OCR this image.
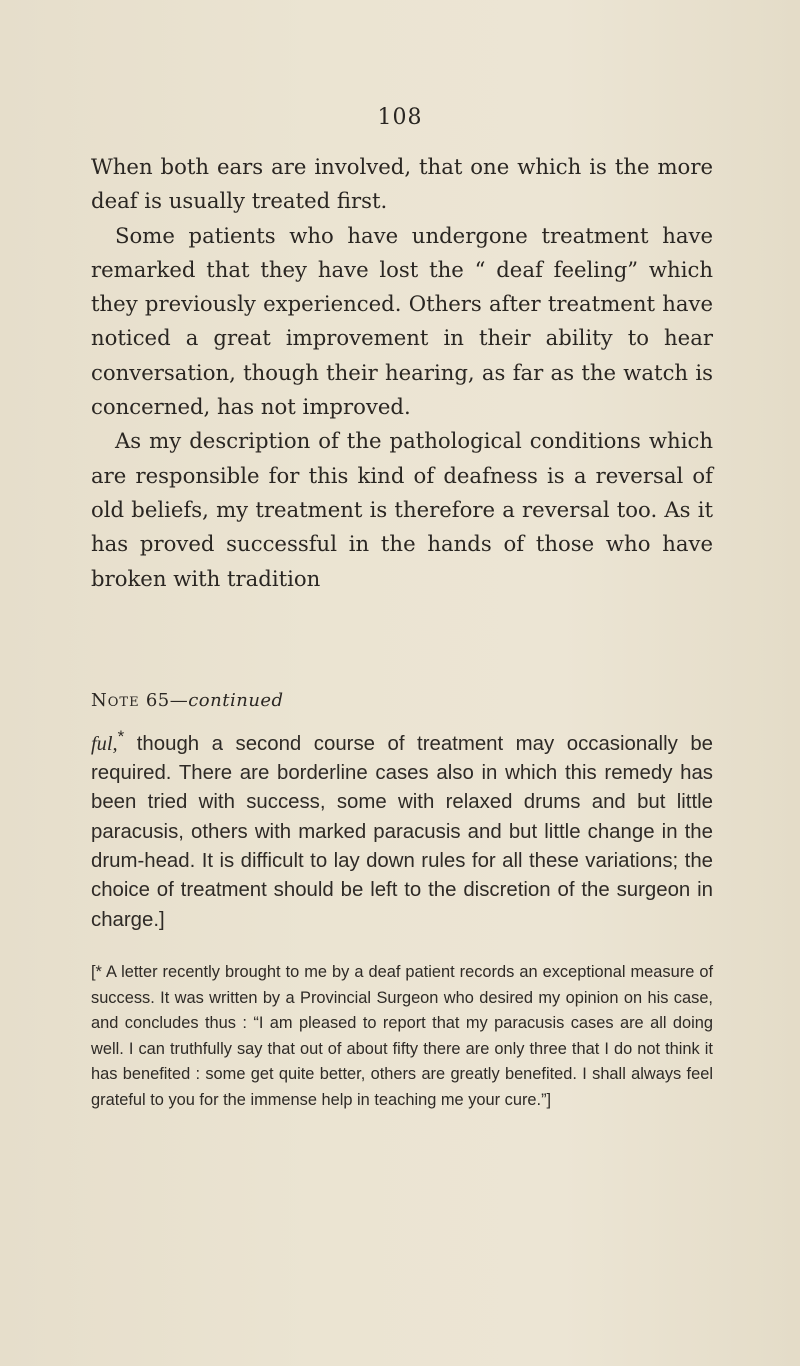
108

When both ears are involved, that one which is the more deaf is usually treated first.

Some patients who have undergone treatment have remarked that they have lost the “ deaf feeling” which they previously experienced. Others after treatment have noticed a great improvement in their ability to hear conversation, though their hearing, as far as the watch is concerned, has not improved.

As my description of the pathological conditions which are responsible for this kind of deafness is a reversal of old beliefs, my treatment is therefore a reversal too. As it has proved successful in the hands of those who have broken with tradition

Note 65—continued

ful,* though a second course of treatment may occasionally be required. There are borderline cases also in which this remedy has been tried with success, some with relaxed drums and but little paracusis, others with marked paracusis and but little change in the drum-head. It is difficult to lay down rules for all these variations; the choice of treatment should be left to the discretion of the surgeon in charge.]

[* A letter recently brought to me by a deaf patient records an exceptional measure of success. It was written by a Provincial Surgeon who desired my opinion on his case, and concludes thus : “I am pleased to report that my paracusis cases are all doing well. I can truthfully say that out of about fifty there are only three that I do not think it has benefited : some get quite better, others are greatly benefited. I shall always feel grateful to you for the immense help in teaching me your cure.”]
